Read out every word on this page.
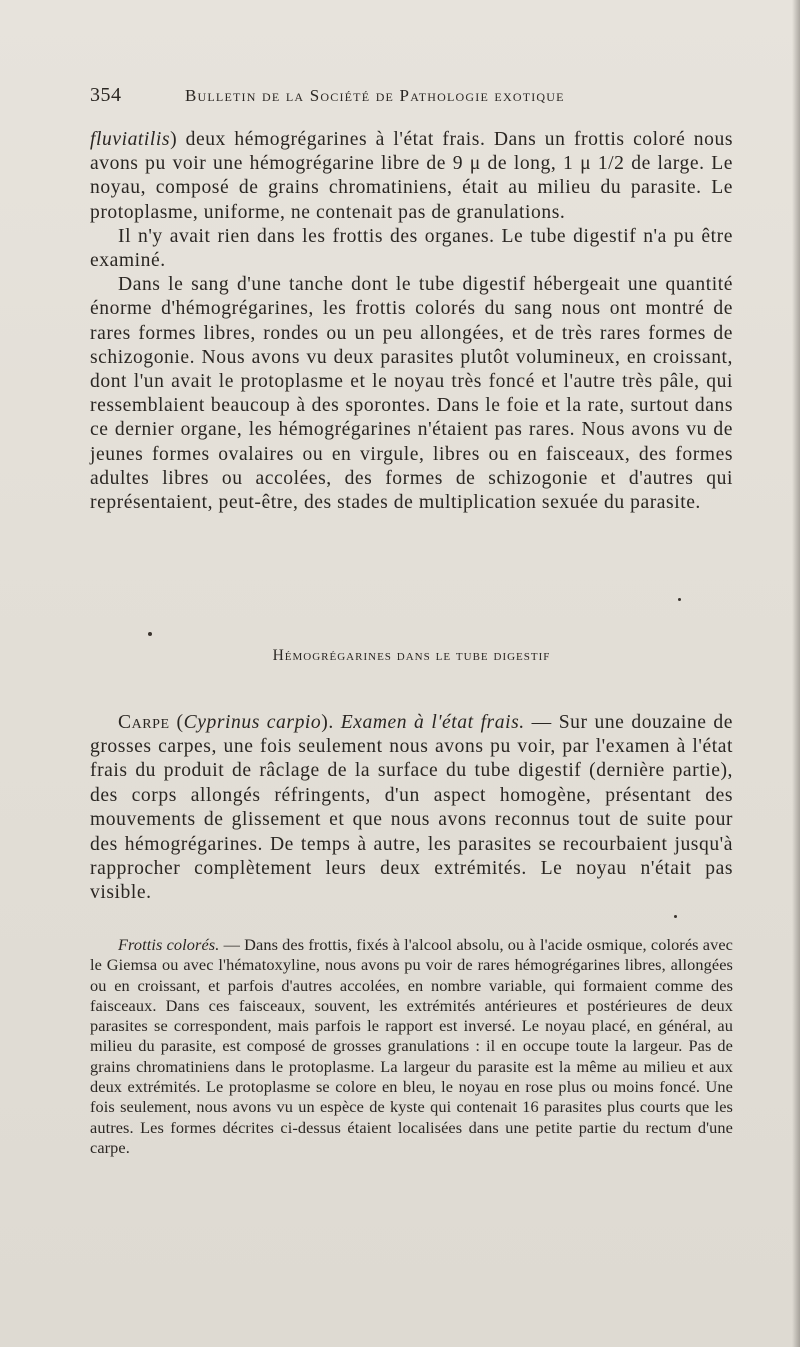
354	Bulletin de la Société de Pathologie exotique

fluviatilis) deux hémogrégarines à l'état frais. Dans un frottis coloré nous avons pu voir une hémogrégarine libre de 9 μ de long, 1 μ 1/2 de large. Le noyau, composé de grains chromatiniens, était au milieu du parasite. Le protoplasme, uniforme, ne contenait pas de granulations.

Il n'y avait rien dans les frottis des organes. Le tube digestif n'a pu être examiné.

Dans le sang d'une tanche dont le tube digestif hébergeait une quantité énorme d'hémogrégarines, les frottis colorés du sang nous ont montré de rares formes libres, rondes ou un peu allongées, et de très rares formes de schizogonie. Nous avons vu deux parasites plutôt volumineux, en croissant, dont l'un avait le protoplasme et le noyau très foncé et l'autre très pâle, qui ressemblaient beaucoup à des sporontes. Dans le foie et la rate, surtout dans ce dernier organe, les hémogrégarines n'étaient pas rares. Nous avons vu de jeunes formes ovalaires ou en virgule, libres ou en faisceaux, des formes adultes libres ou accolées, des formes de schizogonie et d'autres qui représentaient, peut-être, des stades de multiplication sexuée du parasite.

Hémogrégarines dans le tube digestif

Carpe (Cyprinus carpio). Examen à l'état frais. — Sur une douzaine de grosses carpes, une fois seulement nous avons pu voir, par l'examen à l'état frais du produit de râclage de la surface du tube digestif (dernière partie), des corps allongés réfringents, d'un aspect homogène, présentant des mouvements de glissement et que nous avons reconnus tout de suite pour des hémogrégarines. De temps à autre, les parasites se recourbaient jusqu'à rapprocher complètement leurs deux extrémités. Le noyau n'était pas visible.

Frottis colorés. — Dans des frottis, fixés à l'alcool absolu, ou à l'acide osmique, colorés avec le Giemsa ou avec l'hématoxyline, nous avons pu voir de rares hémogrégarines libres, allongées ou en croissant, et parfois d'autres accolées, en nombre variable, qui formaient comme des faisceaux. Dans ces faisceaux, souvent, les extrémités antérieures et postérieures de deux parasites se correspondent, mais parfois le rapport est inversé. Le noyau placé, en général, au milieu du parasite, est composé de grosses granulations : il en occupe toute la largeur. Pas de grains chromatiniens dans le protoplasme. La largeur du parasite est la même au milieu et aux deux extrémités. Le protoplasme se colore en bleu, le noyau en rose plus ou moins foncé. Une fois seulement, nous avons vu un espèce de kyste qui contenait 16 parasites plus courts que les autres. Les formes décrites ci-dessus étaient localisées dans une petite partie du rectum d'une carpe.
